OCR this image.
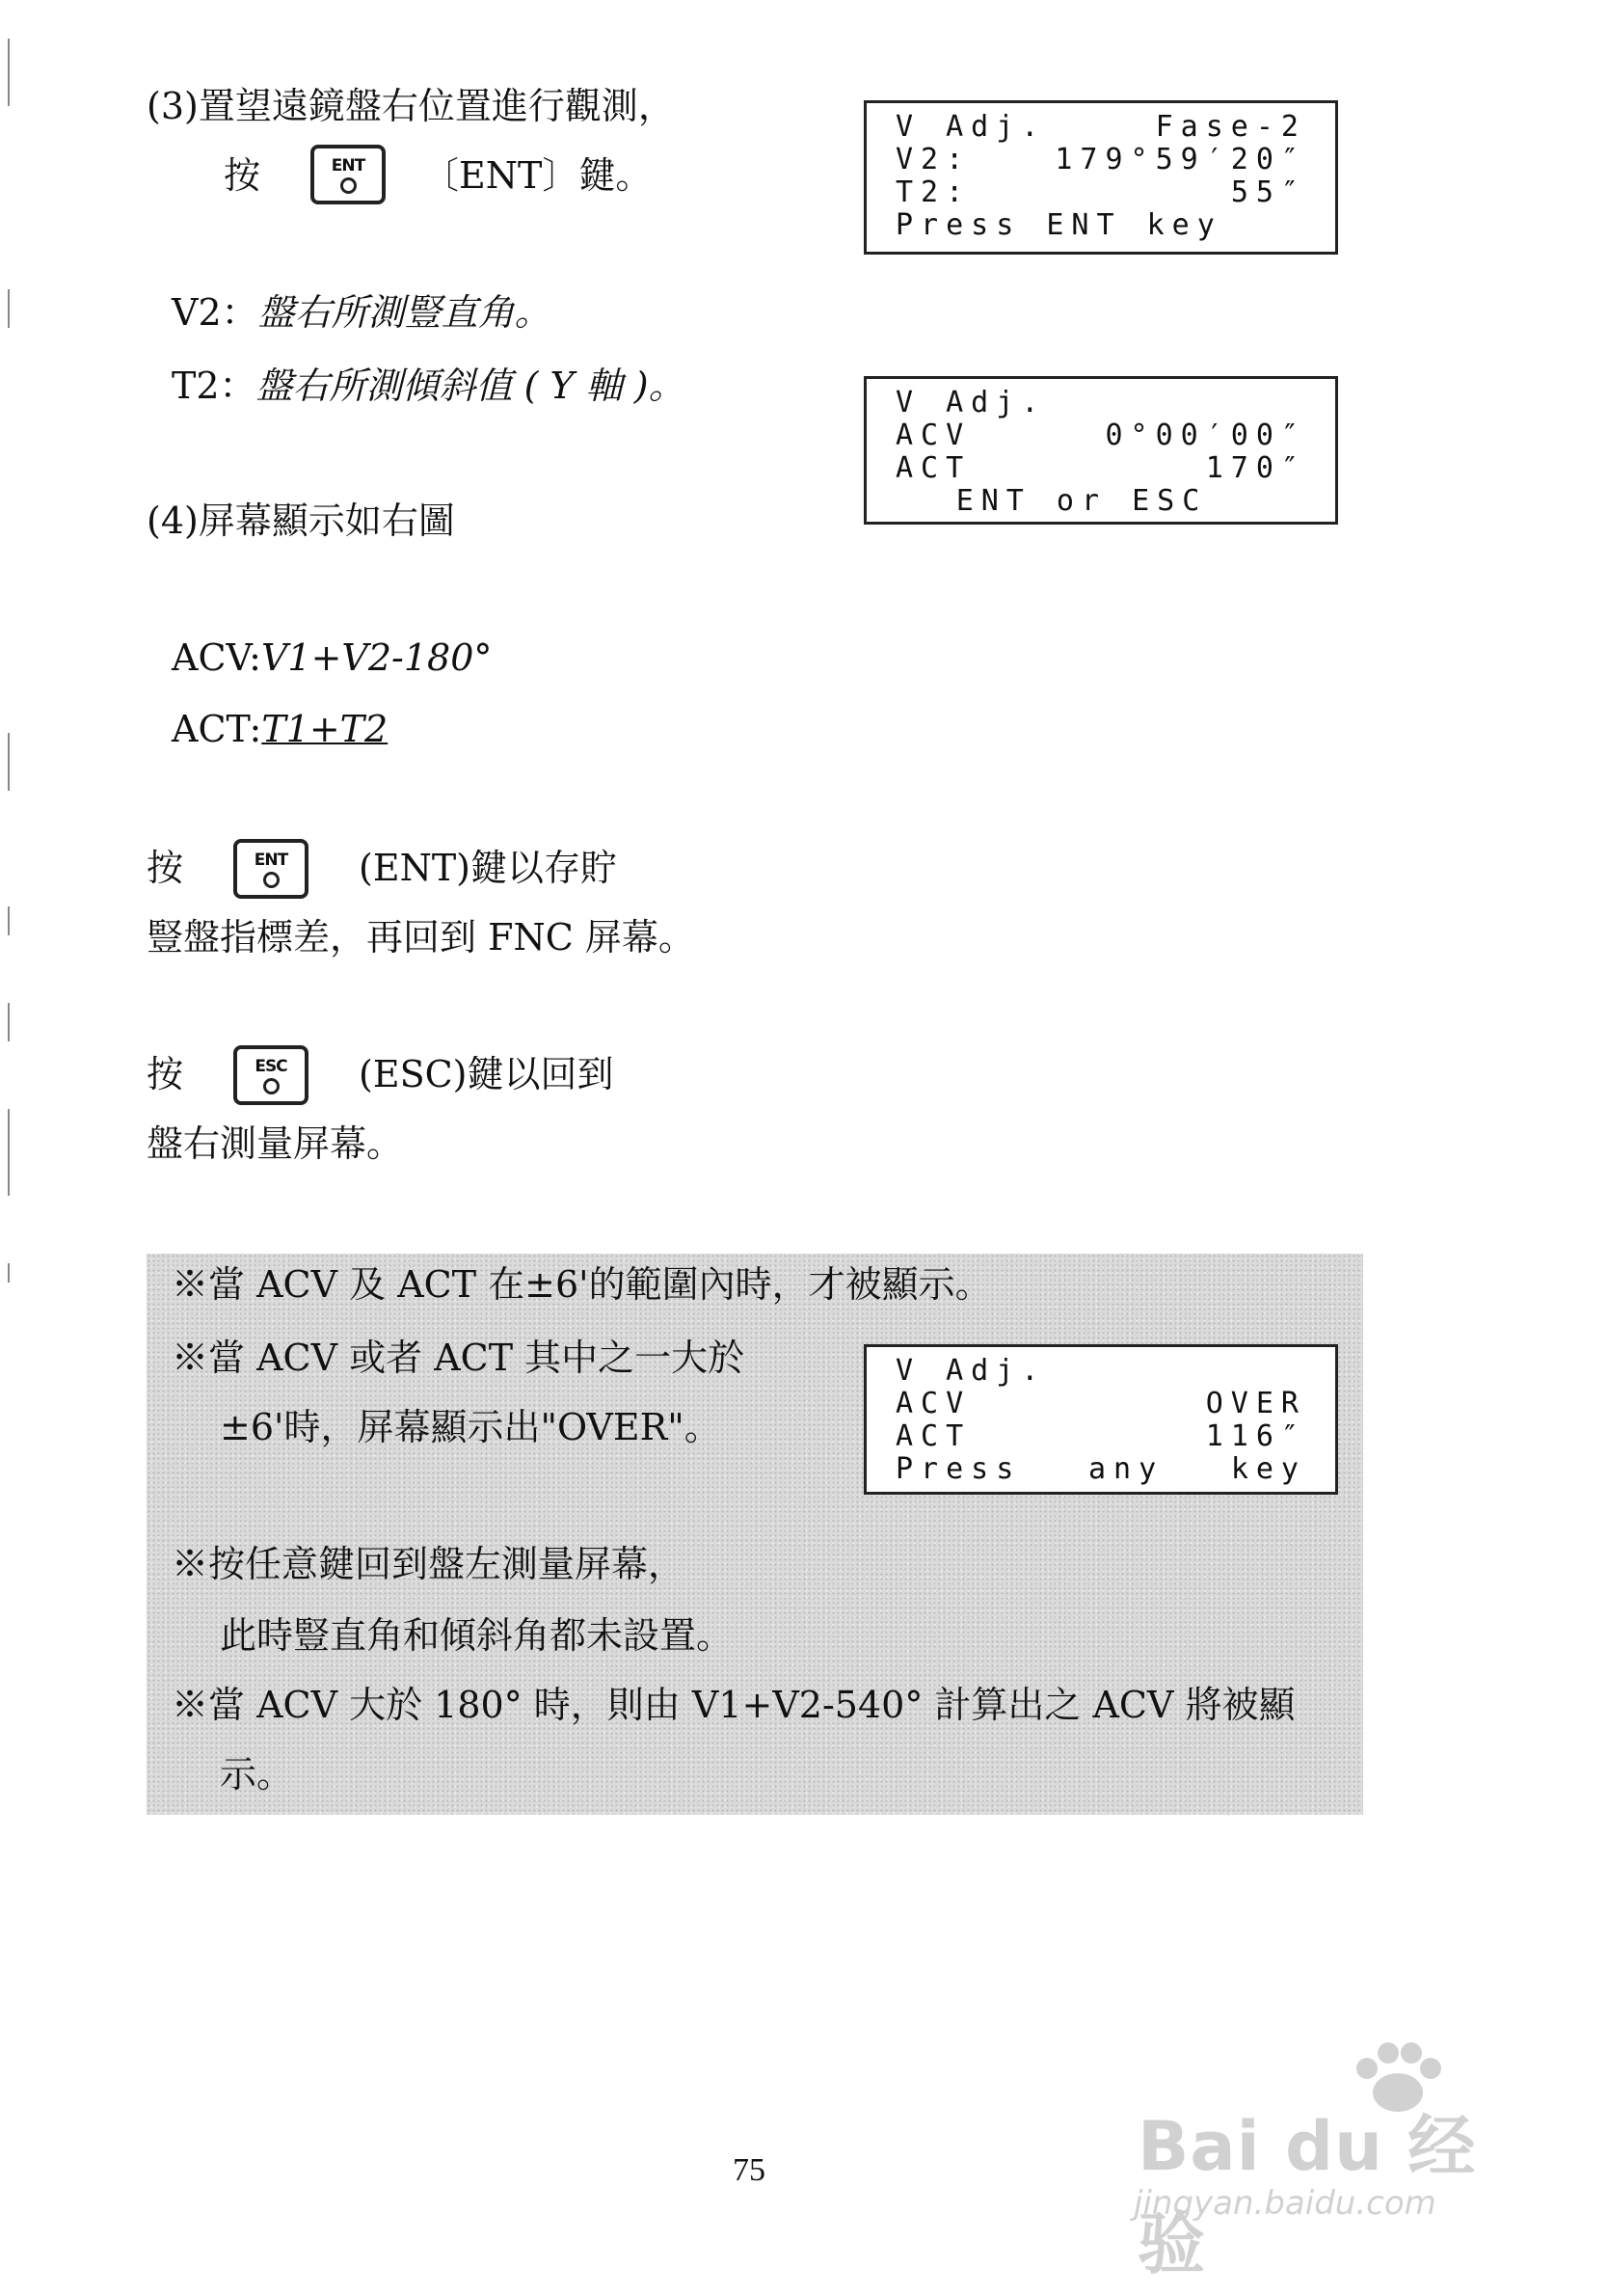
(3)置望遠鏡盤右位置進行觀測，
按	ENT 〔ENT〕鍵。
V Adj.	Fase-2
V2:	179°59′20″
T2:	55″
Press ENT key
V2：盤右所測豎直角。
T2：盤右所測傾斜值 ( Y 軸 )。	V Adj.
ACV	0°00′00″
ACT	170″
ENT or ESC
(4)屏幕顯示如右圖
ACV:V1+V2-180°
ACT:T1+T2
按	ENT (ENT)鍵以存貯
豎盤指標差，再回到 FNC 屏幕。
按	ESC (ESC)鍵以回到
盤右測量屏幕。
※當 ACV 及 ACT 在±6'的範圍內時，才被顯示。
※當 ACV 或者 ACT 其中之一大於
±6'時，屏幕顯示出"OVER"。
※按任意鍵回到盤左測量屏幕，
此時豎直角和傾斜角都未設置。
※當 ACV 大於 180° 時，則由 V1+V2-540° 計算出之 ACV 將被顯
示。
V Adj.
ACV	OVER
ACT	116″
Press any key
75	Bai du 经验
jingyan.baidu.com
